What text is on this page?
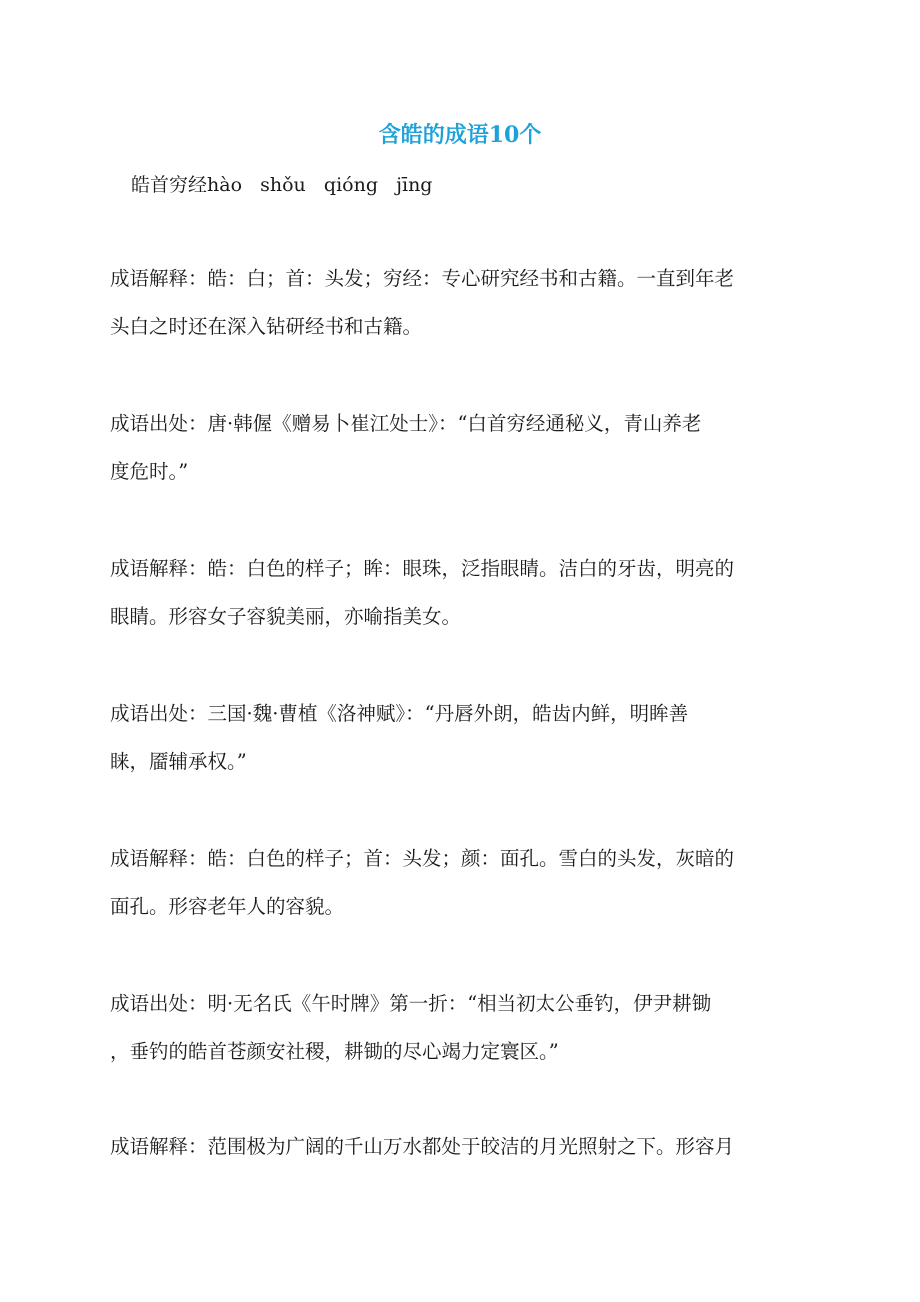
含皓的成语10个
皓首穷经hào   shǒu   qióng   jīng
成语解释：皓：白；首：头发；穷经：专心研究经书和古籍。一直到年老
头白之时还在深入钻研经书和古籍。
成语出处：唐·韩偓《赠易卜崔江处士》：“白首穷经通秘义，青山养老
度危时。”
成语解释：皓：白色的样子；眸：眼珠，泛指眼睛。洁白的牙齿，明亮的
眼睛。形容女子容貌美丽，亦喻指美女。
成语出处：三国·魏·曹植《洛神赋》：“丹唇外朗，皓齿内鲜，明眸善
睐，靥辅承权。”
成语解释：皓：白色的样子；首：头发；颜：面孔。雪白的头发，灰暗的
面孔。形容老年人的容貌。
成语出处：明·无名氏《午时牌》第一折：“相当初太公垂钓，伊尹耕锄
，垂钓的皓首苍颜安社稷，耕锄的尽心竭力定寰区。”
成语解释：范围极为广阔的千山万水都处于皎洁的月光照射之下。形容月
